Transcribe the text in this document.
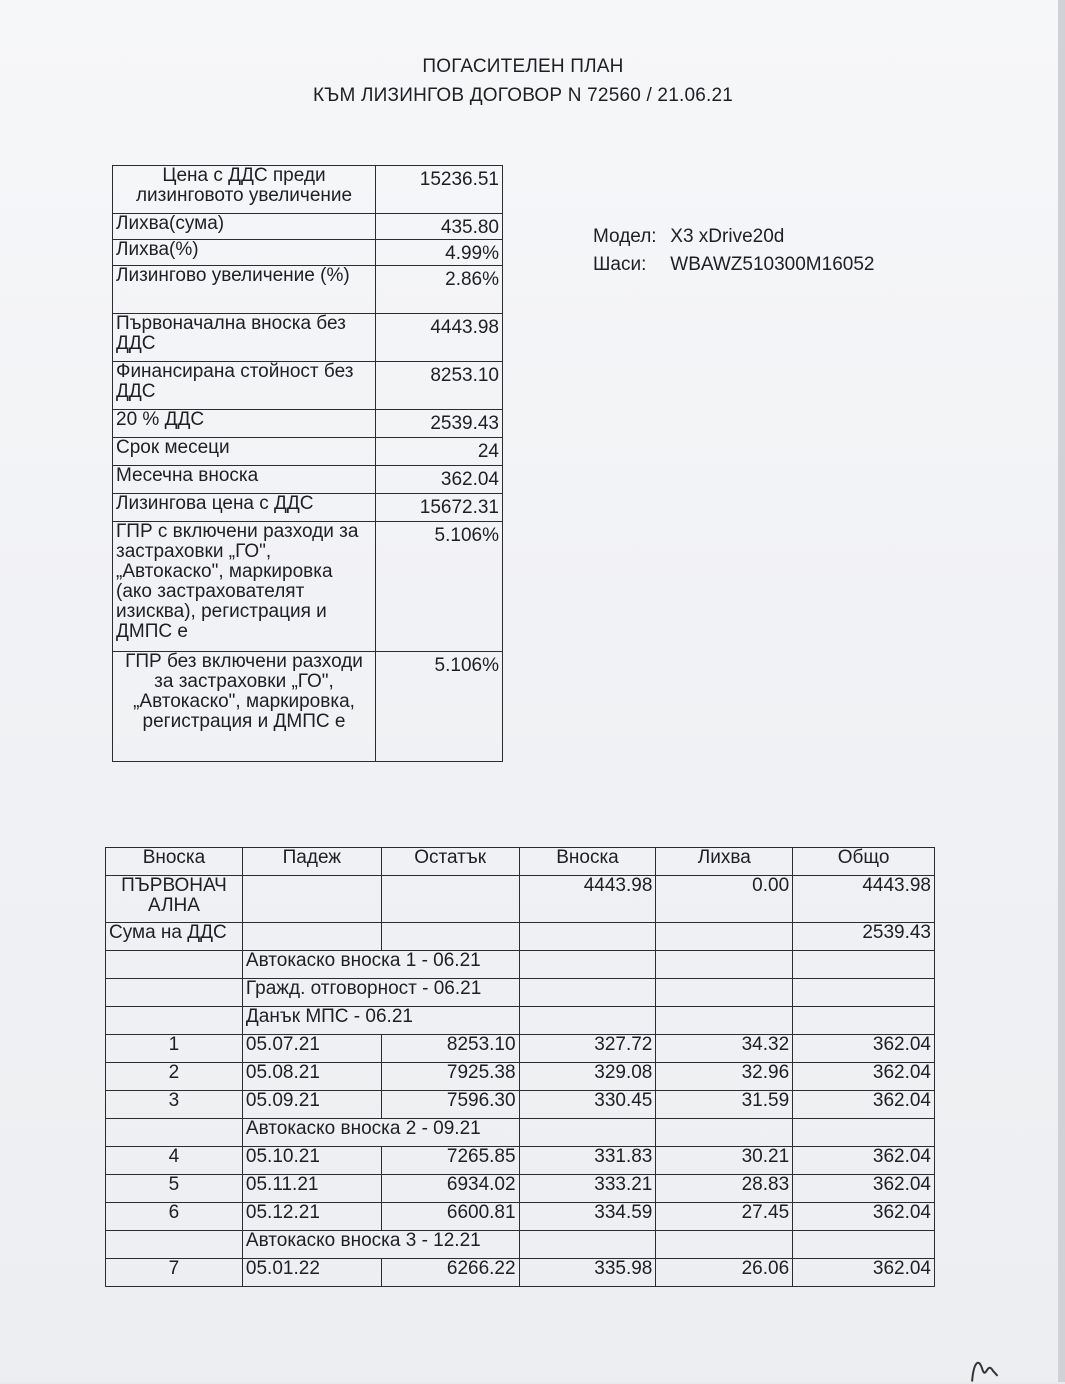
ПОГАСИТЕЛЕН ПЛАН
КЪМ ЛИЗИНГОВ ДОГОВОР N 72560 / 21.06.21
Цена с ДДС преди лизинговото увеличение	15236.51
Лихва(сума)	435.80
Лихва(%)	4.99%
Лизингово увеличение (%)	2.86%
Първоначална вноска без ДДС	4443.98
Финансирана стойност без ДДС	8253.10
20 % ДДС	2539.43
Срок месеци	24
Месечна вноска	362.04
Лизингова цена с ДДС	15672.31
ГПР с включени разходи за застраховки „ГО", „Автокаско", маркировка (ако застрахователят изисква), регистрация и ДМПС е	5.106%
ГПР без включени разходи за застраховки „ГО", „Автокаско", маркировка, регистрация и ДМПС е	5.106%
Модел: X3 xDrive20d
Шаси: WBAWZ510300M16052
Вноска	Падеж	Остатък	Вноска	Лихва	Общо
ПЪРВОНАЧ АЛНА			4443.98	0.00	4443.98
Сума на ДДС					2539.43
	Автокаско вноска 1 - 06.21				
	Гражд. отговорност - 06.21				
	Данък МПС - 06.21				
1	05.07.21	8253.10	327.72	34.32	362.04
2	05.08.21	7925.38	329.08	32.96	362.04
3	05.09.21	7596.30	330.45	31.59	362.04
	Автокаско вноска 2 - 09.21				
4	05.10.21	7265.85	331.83	30.21	362.04
5	05.11.21	6934.02	333.21	28.83	362.04
6	05.12.21	6600.81	334.59	27.45	362.04
	Автокаско вноска 3 - 12.21				
7	05.01.22	6266.22	335.98	26.06	362.04
